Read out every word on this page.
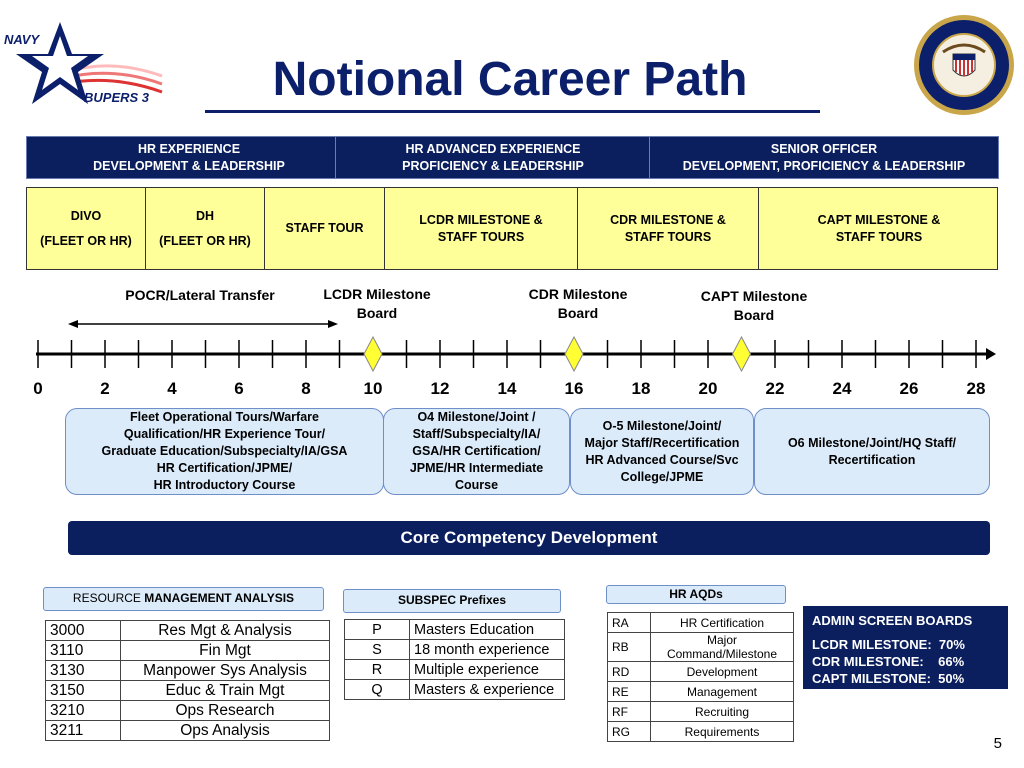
NAVY
BUPERS 3	Notional Career Path
HR EXPERIENCE
DEVELOPMENT & LEADERSHIP
HR ADVANCED EXPERIENCE
PROFICIENCY & LEADERSHIP
SENIOR OFFICER
DEVELOPMENT, PROFICIENCY & LEADERSHIP
DIVO
(FLEET OR HR)
DH
(FLEET OR HR)
STAFF TOUR
LCDR MILESTONE &
STAFF TOURS
CDR MILESTONE &
STAFF TOURS
CAPT MILESTONE &
STAFF TOURS
POCR/Lateral Transfer	LCDR Milestone
Board
CDR Milestone
Board
CAPT Milestone
Board
0	2	4	6	8	10	12	14	16	18	20	22	24	26	28
Fleet Operational Tours/Warfare
Qualification/HR Experience Tour/
Graduate Education/Subspecialty/IA/GSA
HR Certification/JPME/
HR Introductory Course
O4 Milestone/Joint /
Staff/Subspecialty/IA/
GSA/HR Certification/
JPME/HR Intermediate
Course
O-5 Milestone/Joint/
Major Staff/Recertification
HR Advanced Course/Svc
College/JPME
O6 Milestone/Joint/HQ Staff/
Recertification
Core Competency Development
RESOURCE MANAGEMENT ANALYSIS
3000	Res Mgt & Analysis
3110	Fin Mgt
3130	Manpower Sys Analysis
3150	Educ & Train Mgt
3210	Ops Research
3211	Ops Analysis
SUBSPEC Prefixes
P	Masters Education
S	18 month experience
R	Multiple experience
Q	Masters & experience
HR AQDs
RA	HR Certification
RB	Major Command/Milestone
RD	Development
RE	Management
RF	Recruiting
RG	Requirements
ADMIN SCREEN BOARDS
LCDR MILESTONE:  70%
CDR MILESTONE:    66%
CAPT MILESTONE:  50%
5
